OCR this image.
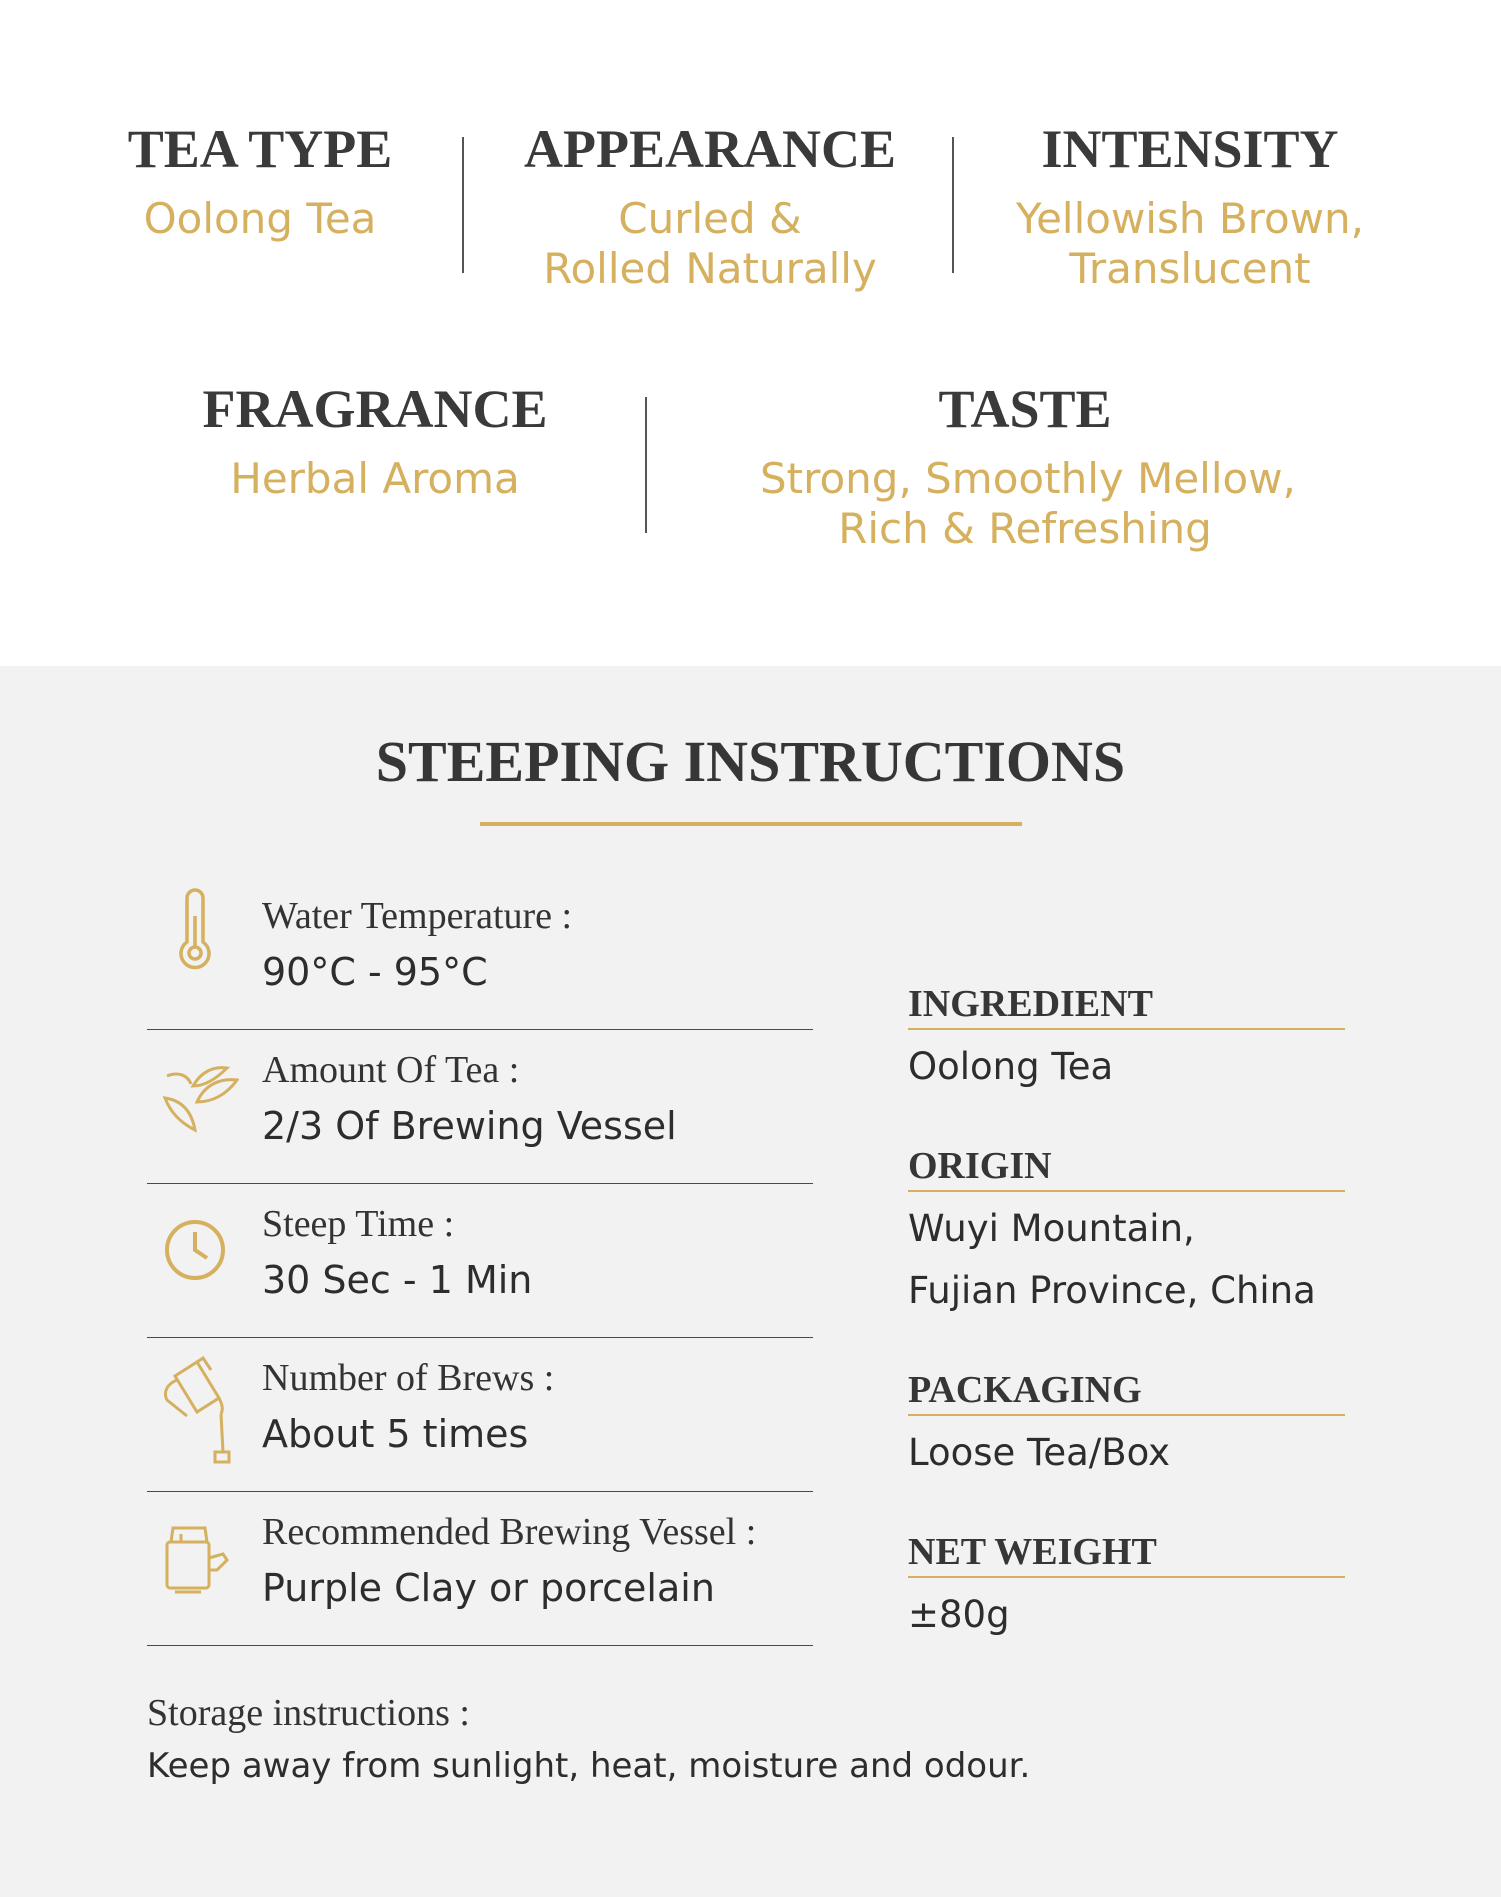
TEA TYPE
Oolong Tea
APPEARANCE
Curled &
Rolled Naturally
INTENSITY
Yellowish Brown,
Translucent
FRAGRANCE
Herbal Aroma
TASTE
Strong, Smoothly Mellow,
Rich & Refreshing
STEEPING INSTRUCTIONS
Water Temperature :
90°C - 95°C
Amount Of Tea :
2/3 Of Brewing Vessel
Steep Time :
30 Sec - 1 Min
Number of Brews :
About 5 times
Recommended Brewing Vessel :
Purple Clay or porcelain
INGREDIENT
Oolong Tea
ORIGIN
Wuyi Mountain,
Fujian Province, China
PACKAGING
Loose Tea/Box
NET WEIGHT
±80g
Storage instructions :
Keep away from sunlight, heat, moisture and odour.
